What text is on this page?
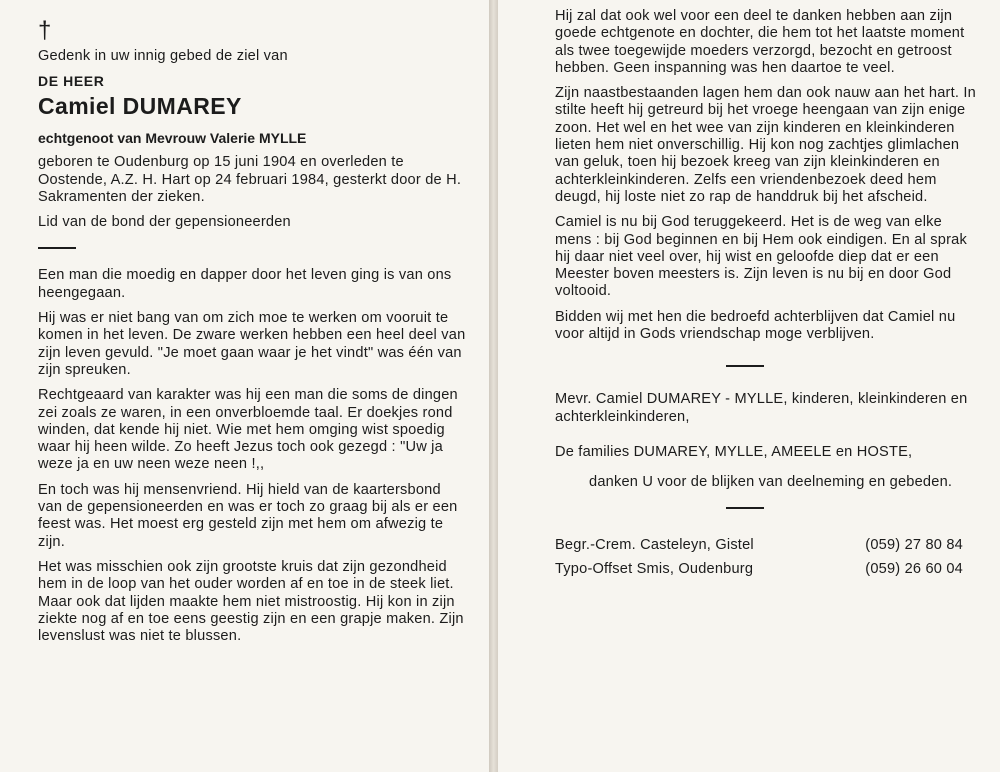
†

Gedenk in uw innig gebed de ziel van

DE HEER
Camiel DUMAREY
echtgenoot van Mevrouw Valerie MYLLE

geboren te Oudenburg op 15 juni 1904 en overleden te Oostende, A.Z. H. Hart op 24 februari 1984, gesterkt door de H. Sakramenten der zieken.

Lid van de bond der gepensioneerden

Een man die moedig en dapper door het leven ging is van ons heengegaan.

Hij was er niet bang van om zich moe te werken om vooruit te komen in het leven. De zware werken hebben een heel deel van zijn leven gevuld. "Je moet gaan waar je het vindt" was één van zijn spreuken.

Rechtgeaard van karakter was hij een man die soms de dingen zei zoals ze waren, in een onverbloemde taal. Er doekjes rond winden, dat kende hij niet. Wie met hem omging wist spoedig waar hij heen wilde. Zo heeft Jezus toch ook gezegd : "Uw ja weze ja en uw neen weze neen !,,

En toch was hij mensenvriend. Hij hield van de kaartersbond van de gepensioneerden en was er toch zo graag bij als er een feest was. Het moest erg gesteld zijn met hem om afwezig te zijn.

Het was misschien ook zijn grootste kruis dat zijn gezondheid hem in de loop van het ouder worden af en toe in de steek liet. Maar ook dat lijden maakte hem niet mistroostig. Hij kon in zijn ziekte nog af en toe eens geestig zijn en een grapje maken. Zijn levenslust was niet te blussen.

Hij zal dat ook wel voor een deel te danken hebben aan zijn goede echtgenote en dochter, die hem tot het laatste moment als twee toegewijde moeders verzorgd, bezocht en getroost hebben. Geen inspanning was hen daartoe te veel.

Zijn naastbestaanden lagen hem dan ook nauw aan het hart. In stilte heeft hij getreurd bij het vroege heengaan van zijn enige zoon. Het wel en het wee van zijn kinderen en kleinkinderen lieten hem niet onverschillig. Hij kon nog zachtjes glimlachen van geluk, toen hij bezoek kreeg van zijn kleinkinderen en achterkleinkinderen. Zelfs een vriendenbezoek deed hem deugd, hij loste niet zo rap de handdruk bij het afscheid.

Camiel is nu bij God teruggekeerd. Het is de weg van elke mens : bij God beginnen en bij Hem ook eindigen. En al sprak hij daar niet veel over, hij wist en geloofde diep dat er een Meester boven meesters is. Zijn leven is nu bij en door God voltooid.

Bidden wij met hen die bedroefd achterblijven dat Camiel nu voor altijd in Gods vriendschap moge verblijven.

Mevr. Camiel DUMAREY - MYLLE, kinderen, kleinkinderen en achterkleinkinderen,

De families DUMAREY, MYLLE, AMEELE en HOSTE,

danken U voor de blijken van deelneming en gebeden.

Begr.-Crem. Casteleyn, Gistel	(059) 27 80 84
Typo-Offset Smis, Oudenburg	(059) 26 60 04
